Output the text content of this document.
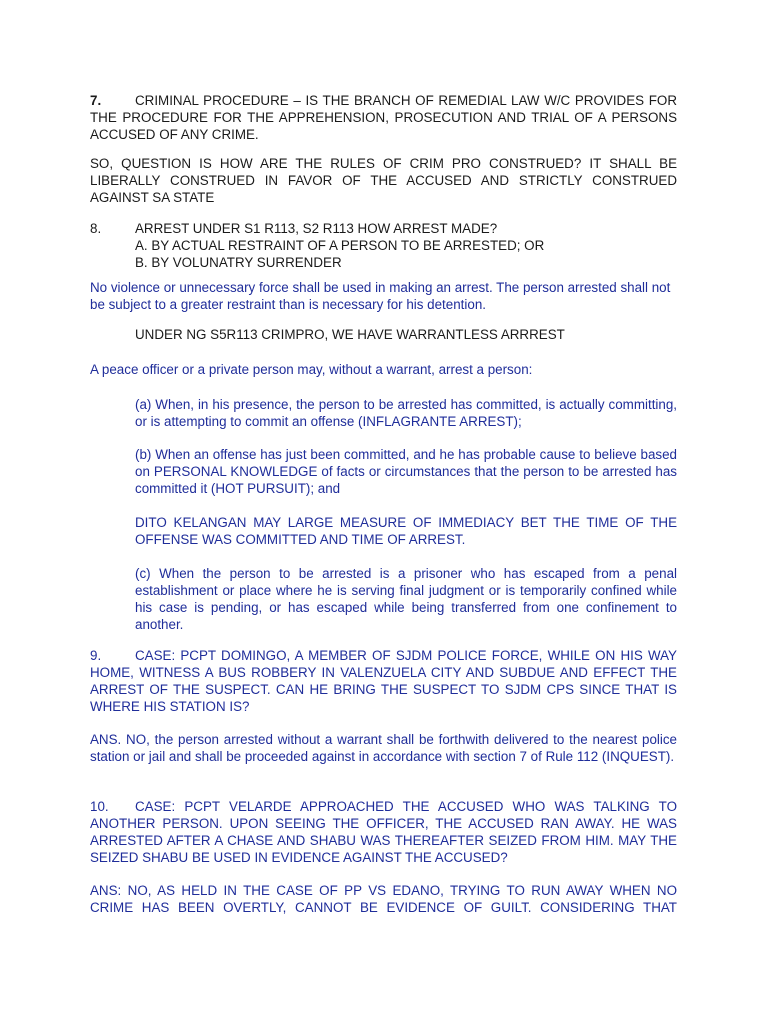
7.	CRIMINAL PROCEDURE – IS THE BRANCH OF REMEDIAL LAW W/C PROVIDES FOR THE PROCEDURE FOR THE APPREHENSION, PROSECUTION AND TRIAL OF A PERSONS ACCUSED OF ANY CRIME.

SO, QUESTION IS HOW ARE THE RULES OF CRIM PRO CONSTRUED? IT SHALL BE LIBERALLY CONSTRUED IN FAVOR OF THE ACCUSED AND STRICTLY CONSTRUED AGAINST SA STATE

8.	ARREST UNDER S1 R113, S2 R113 HOW ARREST MADE?
A. BY ACTUAL RESTRAINT OF A PERSON TO BE ARRESTED; OR
B. BY VOLUNATRY SURRENDER

No violence or unnecessary force shall be used in making an arrest. The person arrested shall not be subject to a greater restraint than is necessary for his detention.

UNDER NG S5R113 CRIMPRO, WE HAVE WARRANTLESS ARRREST

A peace officer or a private person may, without a warrant, arrest a person:

(a) When, in his presence, the person to be arrested has committed, is actually committing, or is attempting to commit an offense (INFLAGRANTE ARREST);

(b) When an offense has just been committed, and he has probable cause to believe based on PERSONAL KNOWLEDGE of facts or circumstances that the person to be arrested has committed it (HOT PURSUIT); and

DITO KELANGAN MAY LARGE MEASURE OF IMMEDIACY BET THE TIME OF THE OFFENSE WAS COMMITTED AND TIME OF ARREST.

(c) When the person to be arrested is a prisoner who has escaped from a penal establishment or place where he is serving final judgment or is temporarily confined while his case is pending, or has escaped while being transferred from one confinement to another.

9.	CASE: PCPT DOMINGO, A MEMBER OF SJDM POLICE FORCE, WHILE ON HIS WAY HOME, WITNESS A BUS ROBBERY IN VALENZUELA CITY AND SUBDUE AND EFFECT THE ARREST OF THE SUSPECT. CAN HE BRING THE SUSPECT TO SJDM CPS SINCE THAT IS WHERE HIS STATION IS?

ANS. NO, the person arrested without a warrant shall be forthwith delivered to the nearest police station or jail and shall be proceeded against in accordance with section 7 of Rule 112 (INQUEST).

10. CASE: PCPT VELARDE APPROACHED THE ACCUSED WHO WAS TALKING TO ANOTHER PERSON. UPON SEEING THE OFFICER, THE ACCUSED RAN AWAY. HE WAS ARRESTED AFTER A CHASE AND SHABU WAS THEREAFTER SEIZED FROM HIM. MAY THE SEIZED SHABU BE USED IN EVIDENCE AGAINST THE ACCUSED?

ANS: NO, AS HELD IN THE CASE OF PP VS EDANO, TRYING TO RUN AWAY WHEN NO CRIME HAS BEEN OVERTLY, CANNOT BE EVIDENCE OF GUILT. CONSIDERING THAT
